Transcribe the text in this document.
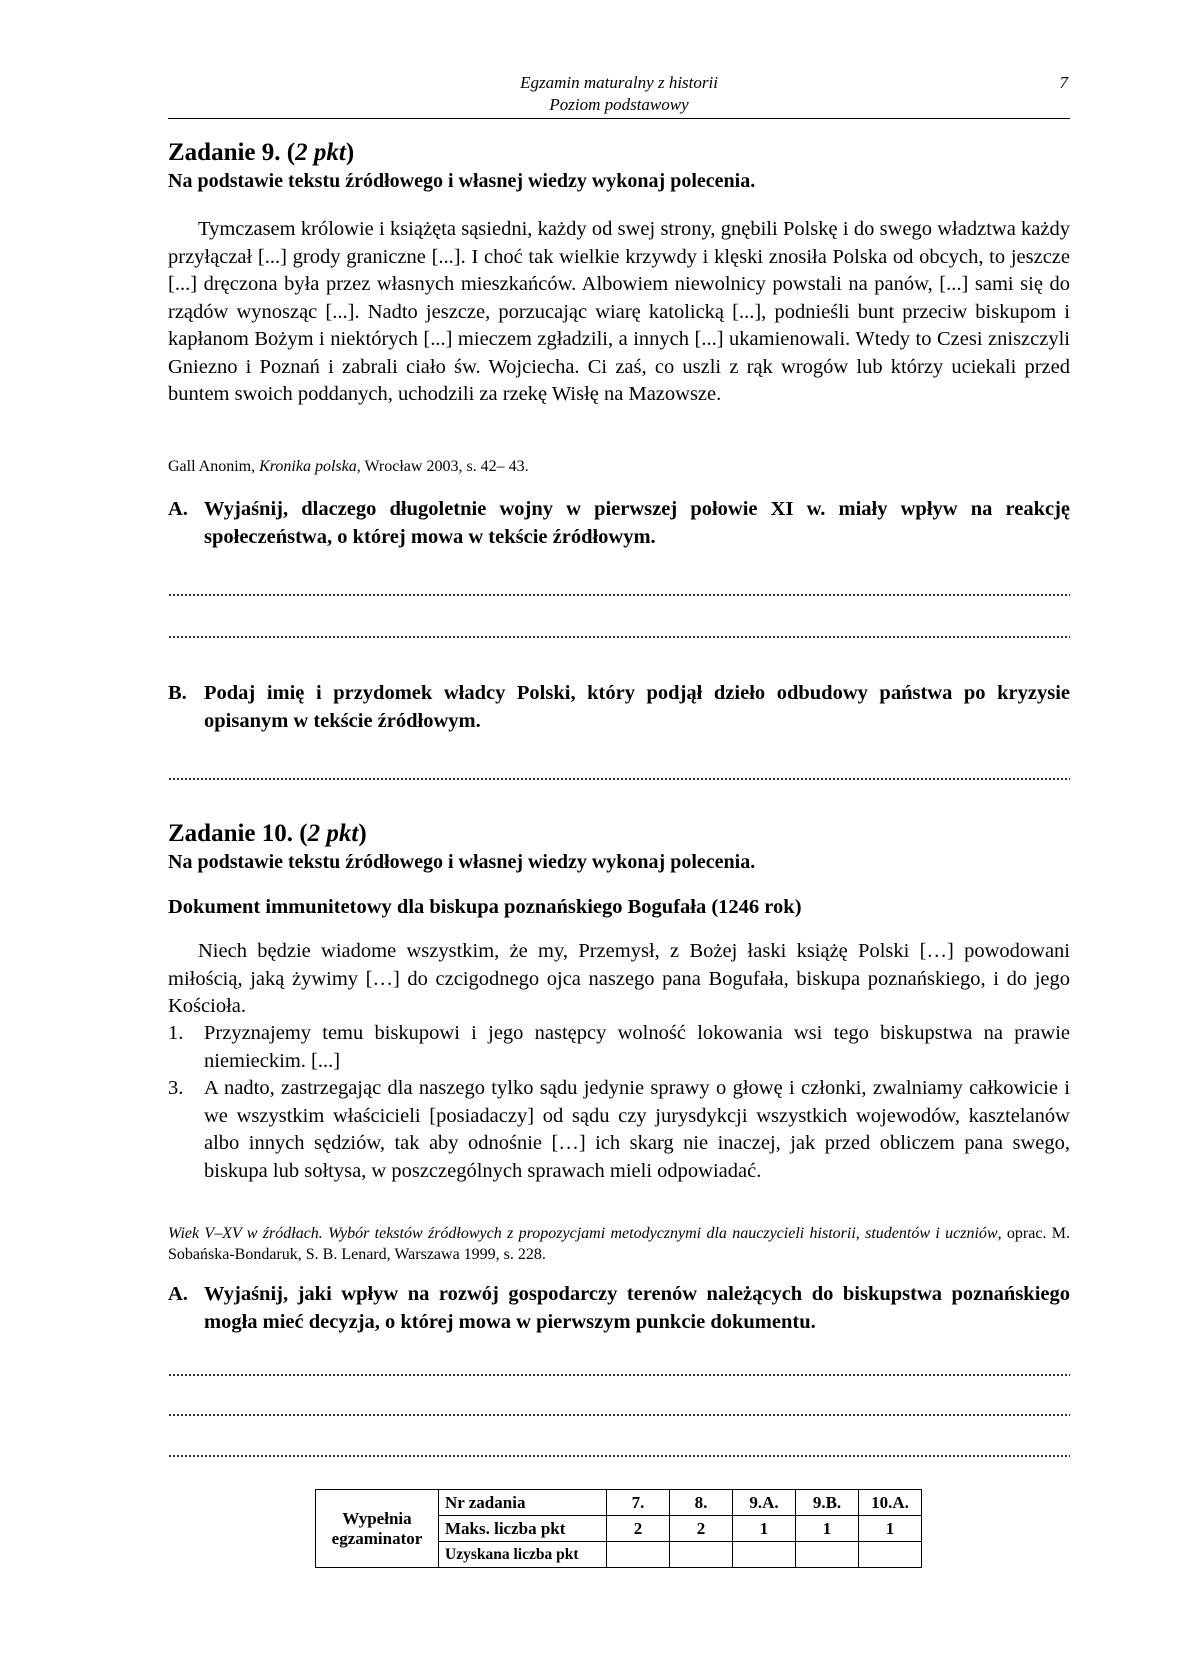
Egzamin maturalny z historii
Poziom podstawowy
7
Zadanie 9. (2 pkt)
Na podstawie tekstu źródłowego i własnej wiedzy wykonaj polecenia.

Tymczasem królowie i książęta sąsiedni, każdy od swej strony, gnębili Polskę i do swego władztwa każdy przyłączał [...] grody graniczne [...]. I choć tak wielkie krzywdy i klęski znosiła Polska od obcych, to jeszcze [...] dręczona była przez własnych mieszkańców. Albowiem niewolnicy powstali na panów, [...] sami się do rządów wynosząc [...]. Nadto jeszcze, porzucając wiarę katolicką [...], podnieśli bunt przeciw biskupom i kapłanom Bożym i niektórych [...] mieczem zgładzili, a innych [...] ukamienowali. Wtedy to Czesi zniszczyli Gniezno i Poznań i zabrali ciało św. Wojciecha. Ci zaś, co uszli z rąk wrogów lub którzy uciekali przed buntem swoich poddanych, uchodzili za rzekę Wisłę na Mazowsze.

Gall Anonim, Kronika polska, Wrocław 2003, s. 42– 43.
A. Wyjaśnij, dlaczego długoletnie wojny w pierwszej połowie XI w. miały wpływ na reakcję społeczeństwa, o której mowa w tekście źródłowym.
B. Podaj imię i przydomek władcy Polski, który podjął dzieło odbudowy państwa po kryzysie opisanym w tekście źródłowym.
Zadanie 10. (2 pkt)
Na podstawie tekstu źródłowego i własnej wiedzy wykonaj polecenia.
Dokument immunitetowy dla biskupa poznańskiego Bogufała (1246 rok)

Niech będzie wiadome wszystkim, że my, Przemysł, z Bożej łaski książę Polski […] powodowani miłością, jaką żywimy […] do czcigodnego ojca naszego pana Bogufała, biskupa poznańskiego, i do jego Kościoła.

1. Przyznajemy temu biskupowi i jego następcy wolność lokowania wsi tego biskupstwa na prawie niemieckim. [...]
3. A nadto, zastrzegając dla naszego tylko sądu jedynie sprawy o głowę i członki, zwalniamy całkowicie i we wszystkim właścicieli [posiadaczy] od sądu czy jurysdykcji wszystkich wojewodów, kasztelanów albo innych sędziów, tak aby odnośnie […] ich skarg nie inaczej, jak przed obliczem pana swego, biskupa lub sołtysa, w poszczególnych sprawach mieli odpowiadać.
Wiek V–XV w źródłach. Wybór tekstów źródłowych z propozycjami metodycznymi dla nauczycieli historii, studentów i uczniów, oprac. M. Sobańska-Bondaruk, S. B. Lenard, Warszawa 1999, s. 228.
A. Wyjaśnij, jaki wpływ na rozwój gospodarczy terenów należących do biskupstwa poznańskiego mogła mieć decyzja, o której mowa w pierwszym punkcie dokumentu.
Wypełnia
egzaminator	Nr zadania	7.	8.	9.A.	9.B.	10.A.
	Maks. liczba pkt	2	2	1	1	1
	Uzyskana liczba pkt					
